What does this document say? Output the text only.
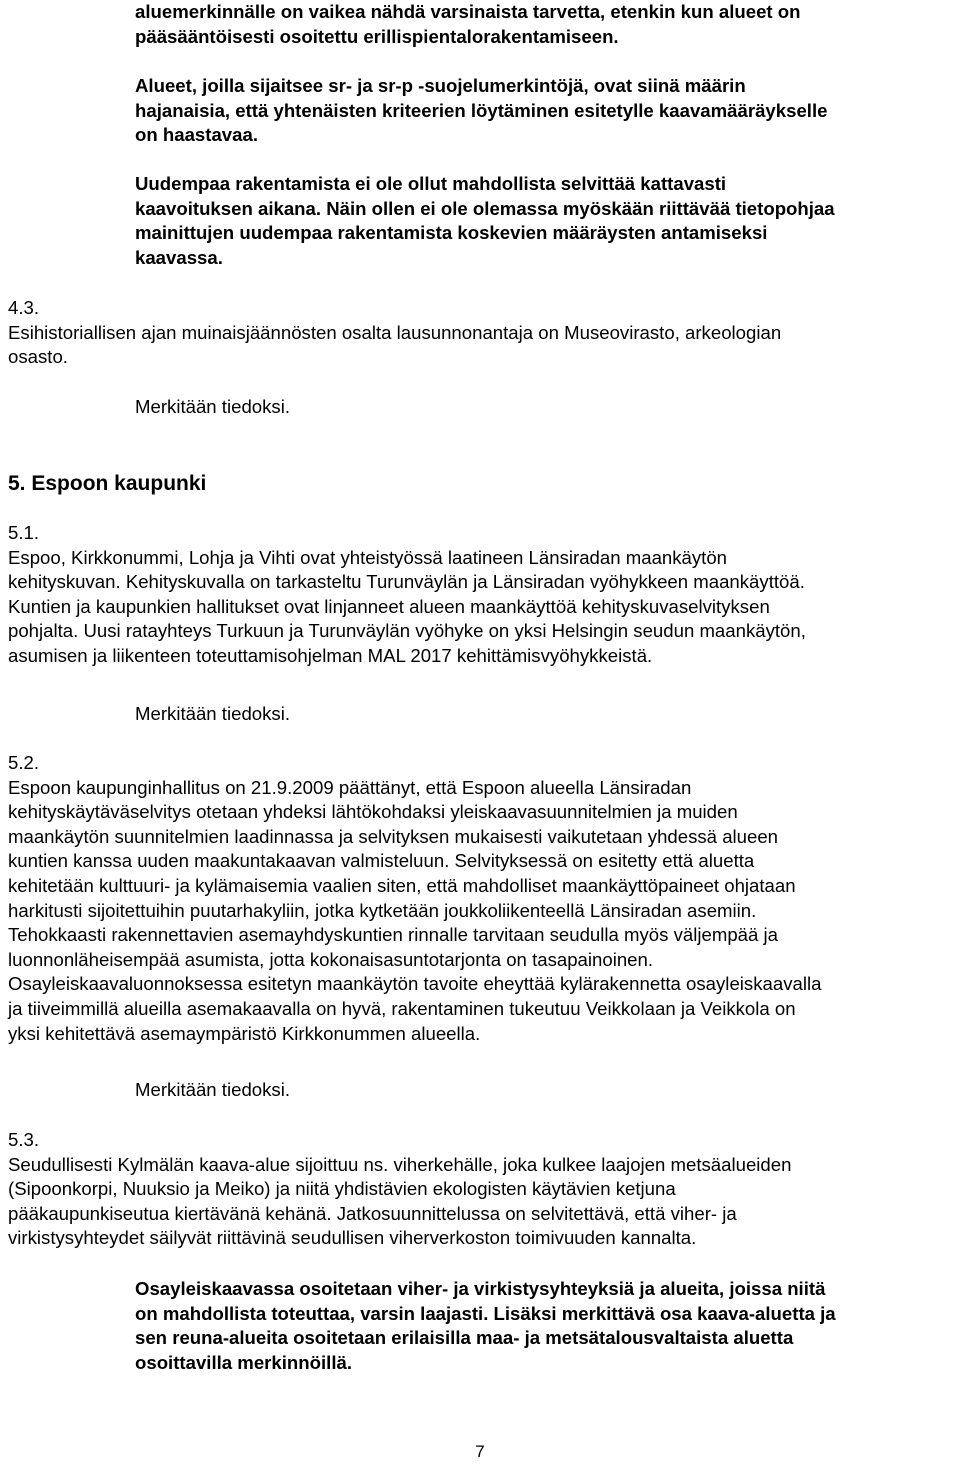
aluemerkinnälle on vaikea nähdä varsinaista tarvetta, etenkin kun alueet on
pääsääntöisesti osoitettu erillispientalorakentamiseen.
Alueet, joilla sijaitsee sr- ja sr-p -suojelumerkintöjä, ovat siinä määrin
hajanaisia, että yhtenäisten kriteerien löytäminen esitetylle kaavamääräykselle
on haastavaa.
Uudempaa rakentamista ei ole ollut mahdollista selvittää kattavasti
kaavoituksen aikana. Näin ollen ei ole olemassa myöskään riittävää tietopohjaa
mainittujen uudempaa rakentamista koskevien määräysten antamiseksi
kaavassa.
4.3.
Esihistoriallisen ajan muinaisjäännösten osalta lausunnonantaja on Museovirasto, arkeologian
osasto.
Merkitään tiedoksi.
5. Espoon kaupunki
5.1.
Espoo, Kirkkonummi, Lohja ja Vihti ovat yhteistyössä laatineen Länsiradan maankäytön
kehityskuvan. Kehityskuvalla on tarkasteltu Turunväylän ja Länsiradan vyöhykkeen maankäyttöä.
Kuntien ja kaupunkien hallitukset ovat linjanneet alueen maankäyttöä kehityskuvaselvityksen
pohjalta. Uusi ratayhteys Turkuun ja Turunväylän vyöhyke on yksi Helsingin seudun maankäytön,
asumisen ja liikenteen toteuttamisohjelman MAL 2017 kehittämisvyöhykkeistä.
Merkitään tiedoksi.
5.2.
Espoon kaupunginhallitus on 21.9.2009 päättänyt, että Espoon alueella Länsiradan
kehityskäytäväselvitys otetaan yhdeksi lähtökohdaksi yleiskaavasuunnitelmien ja muiden
maankäytön suunnitelmien laadinnassa ja selvityksen mukaisesti vaikutetaan yhdessä alueen
kuntien kanssa uuden maakuntakaavan valmisteluun. Selvityksessä on esitetty että aluetta
kehitetään kulttuuri- ja kylämaisemia vaalien siten, että mahdolliset maankäyttöpaineet ohjataan
harkitusti sijoitettuihin puutarhakyliin, jotka kytketään joukkoliikenteellä Länsiradan asemiin.
Tehokkaasti rakennettavien asemayhdyskuntien rinnalle tarvitaan seudulla myös väljempää ja
luonnonläheisempää asumista, jotta kokonaisasuntotarjonta on tasapainoinen.
Osayleiskaavaluonnoksessa esitetyn maankäytön tavoite eheyttää kylärakennetta osayleiskaavalla
ja tiiveimmillä alueilla asemakaavalla on hyvä, rakentaminen tukeutuu Veikkolaan ja Veikkola on
yksi kehitettävä asemaympäristö Kirkkonummen alueella.
Merkitään tiedoksi.
5.3.
Seudullisesti Kylmälän kaava-alue sijoittuu ns. viherkehälle, joka kulkee laajojen metsäalueiden
(Sipoonkorpi, Nuuksio ja Meiko) ja niitä yhdistävien ekologisten käytävien ketjuna
pääkaupunkiseutua kiertävänä kehänä. Jatkosuunnittelussa on selvitettävä, että viher- ja
virkistysyhteydet säilyvät riittävinä seudullisen viherverkoston toimivuuden kannalta.
Osayleiskaavassa osoitetaan viher- ja virkistysyhteyksiä ja alueita, joissa niitä
on mahdollista toteuttaa, varsin laajasti. Lisäksi merkittävä osa kaava-aluetta ja
sen reuna-alueita osoitetaan erilaisilla maa- ja metsätalousvaltaista aluetta
osoittavilla merkinnöillä.
7
